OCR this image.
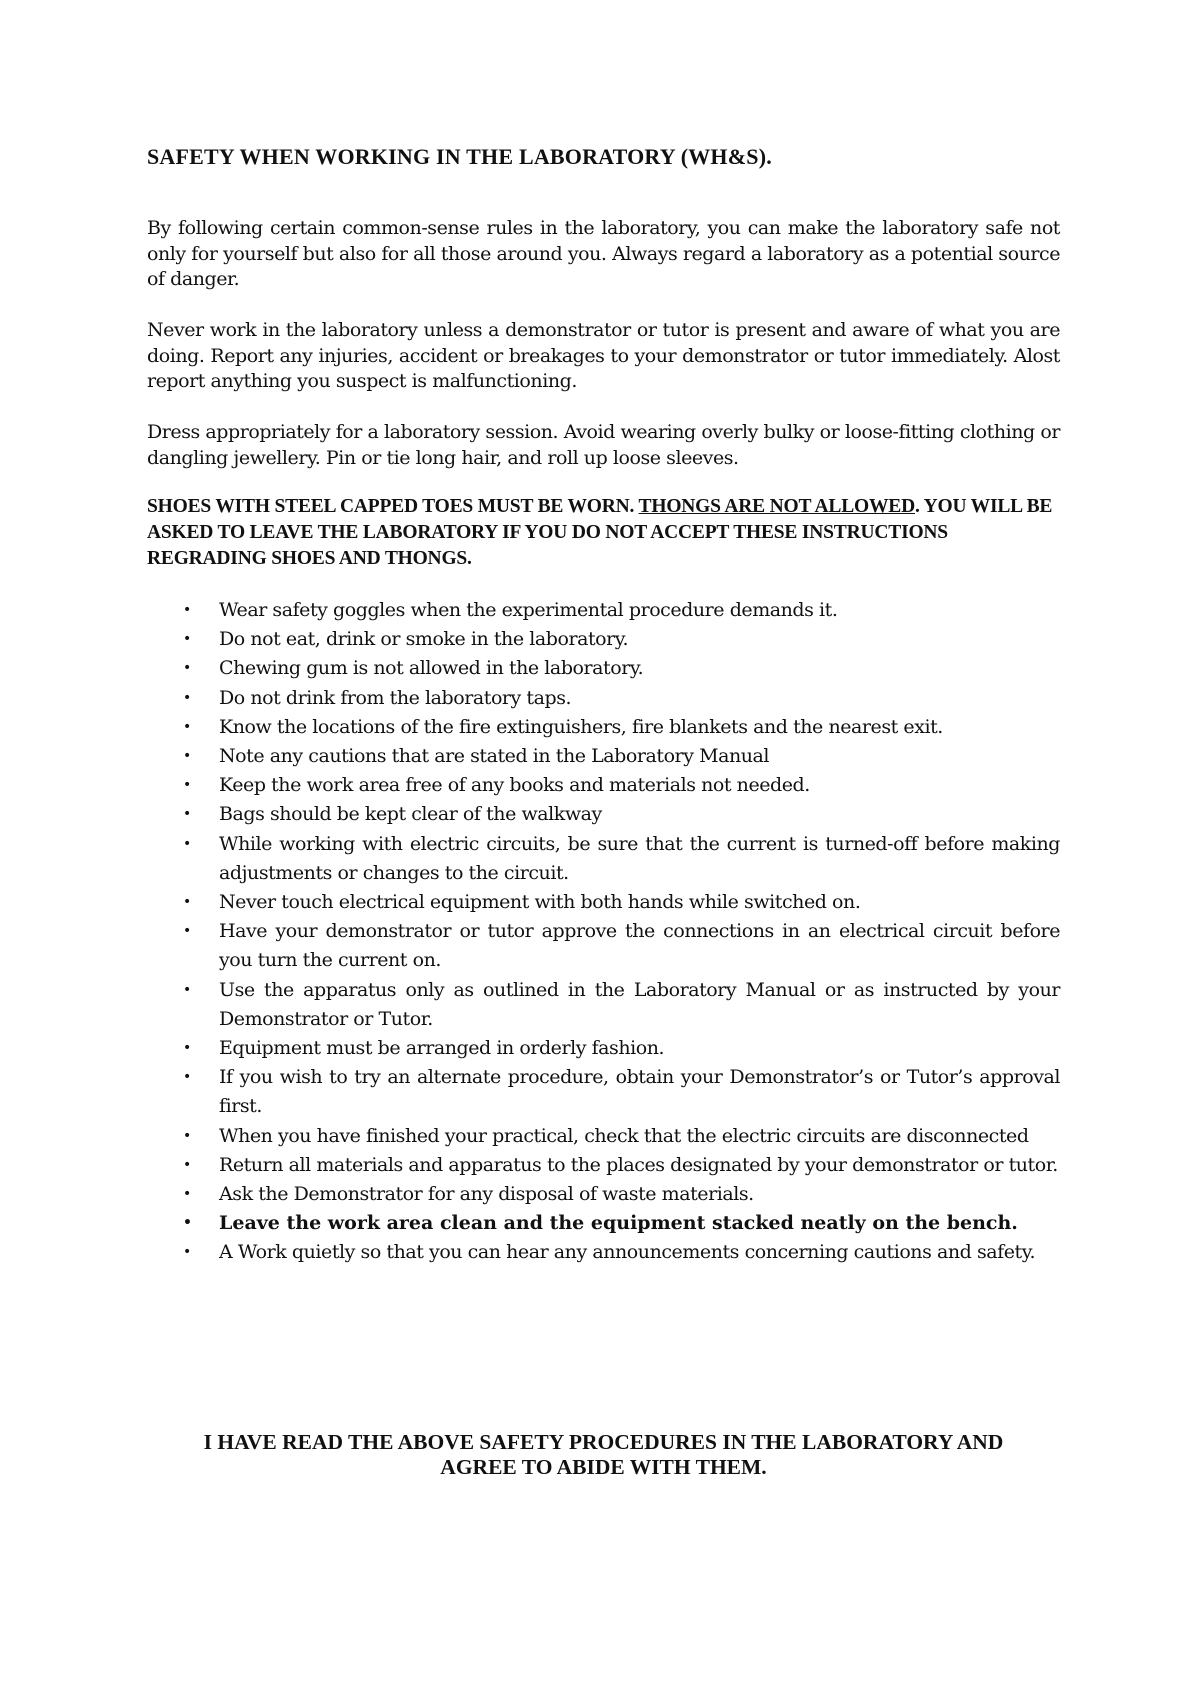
SAFETY WHEN WORKING IN THE LABORATORY (WH&S).

By following certain common-sense rules in the laboratory, you can make the laboratory safe not only for yourself but also for all those around you. Always regard a laboratory as a potential source of danger.

Never work in the laboratory unless a demonstrator or tutor is present and aware of what you are doing. Report any injuries, accident or breakages to your demonstrator or tutor immediately. Alost report anything you suspect is malfunctioning.

Dress appropriately for a laboratory session. Avoid wearing overly bulky or loose-fitting clothing or dangling jewellery. Pin or tie long hair, and roll up loose sleeves.

SHOES WITH STEEL CAPPED TOES MUST BE WORN. THONGS ARE NOT ALLOWED. YOU WILL BE ASKED TO LEAVE THE LABORATORY IF YOU DO NOT ACCEPT THESE INSTRUCTIONS REGRADING SHOES AND THONGS.

• Wear safety goggles when the experimental procedure demands it.
• Do not eat, drink or smoke in the laboratory.
• Chewing gum is not allowed in the laboratory.
• Do not drink from the laboratory taps.
• Know the locations of the fire extinguishers, fire blankets and the nearest exit.
• Note any cautions that are stated in the Laboratory Manual
• Keep the work area free of any books and materials not needed.
• Bags should be kept clear of the walkway
• While working with electric circuits, be sure that the current is turned-off before making adjustments or changes to the circuit.
• Never touch electrical equipment with both hands while switched on.
• Have your demonstrator or tutor approve the connections in an electrical circuit before you turn the current on.
• Use the apparatus only as outlined in the Laboratory Manual or as instructed by your Demonstrator or Tutor.
• Equipment must be arranged in orderly fashion.
• If you wish to try an alternate procedure, obtain your Demonstrator’s or Tutor’s approval first.
• When you have finished your practical, check that the electric circuits are disconnected
• Return all materials and apparatus to the places designated by your demonstrator or tutor.
• Ask the Demonstrator for any disposal of waste materials.
• Leave the work area clean and the equipment stacked neatly on the bench.
• A Work quietly so that you can hear any announcements concerning cautions and safety.

I HAVE READ THE ABOVE SAFETY PROCEDURES IN THE LABORATORY AND
AGREE TO ABIDE WITH THEM.
